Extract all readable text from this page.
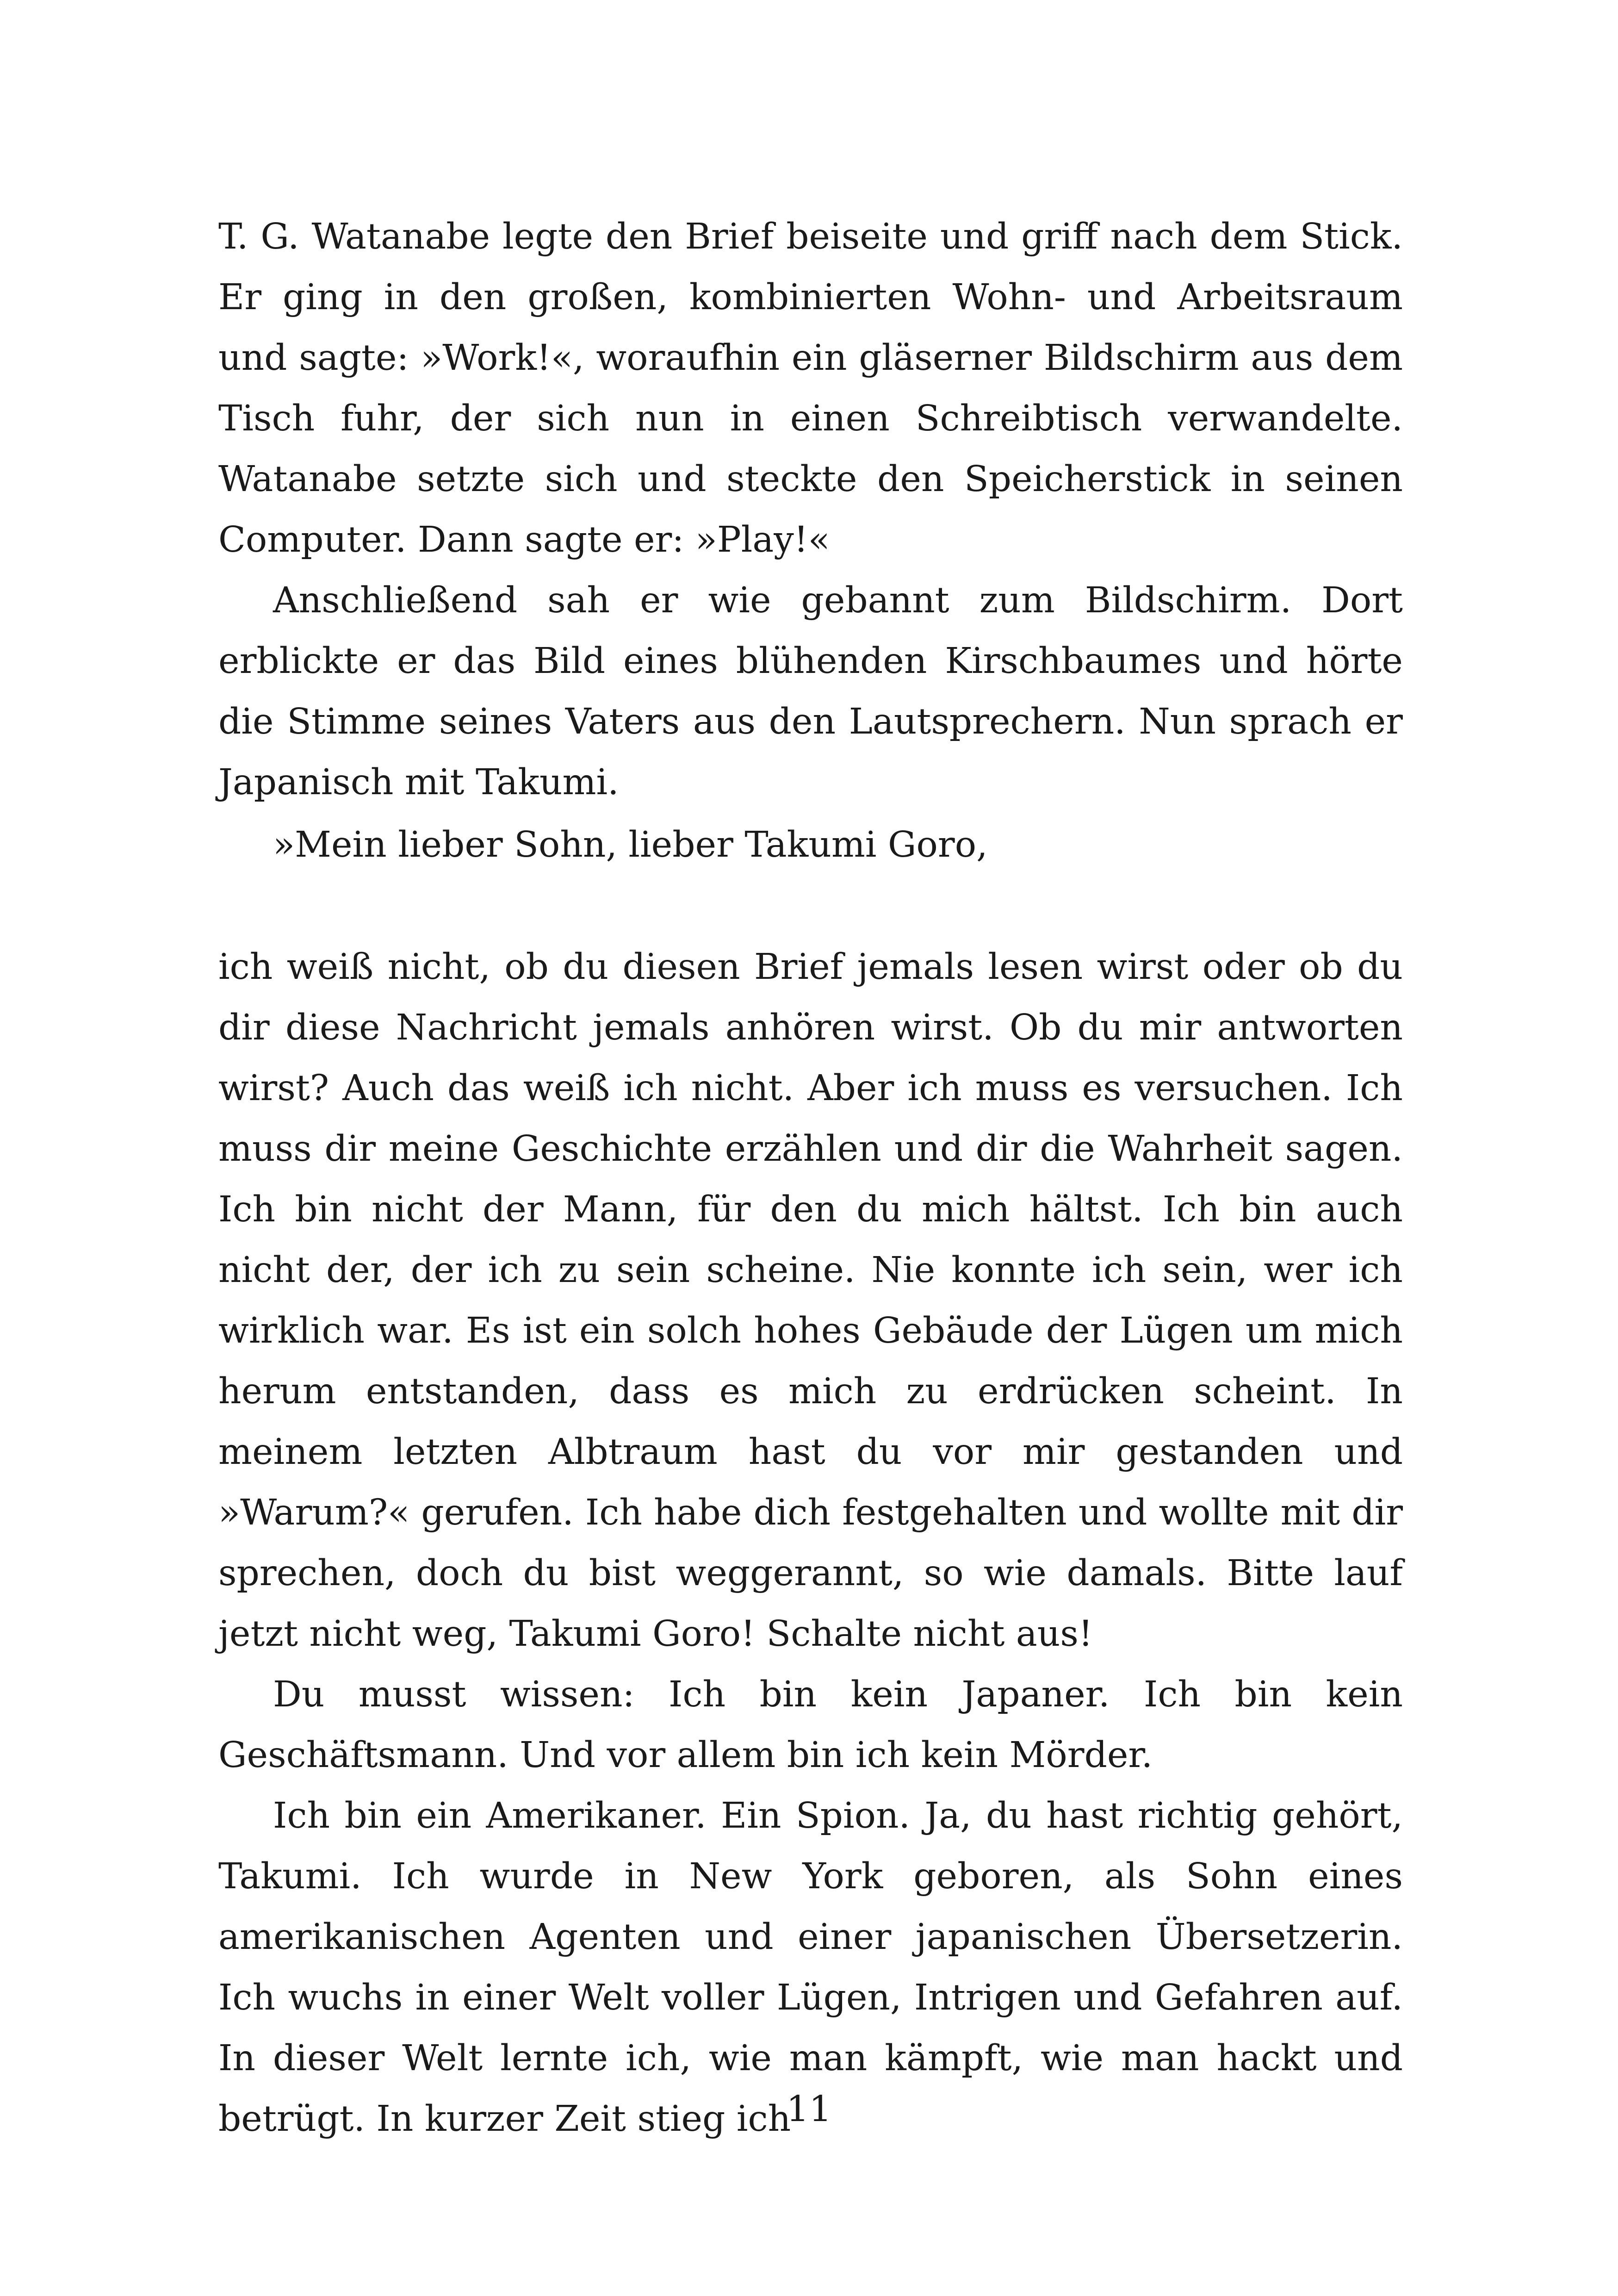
T. G. Watanabe legte den Brief beiseite und griff nach dem Stick. Er ging in den großen, kombinierten Wohn- und Arbeitsraum und sagte: »Work!«, woraufhin ein gläserner Bildschirm aus dem Tisch fuhr, der sich nun in einen Schreibtisch verwandelte. Watanabe setzte sich und steckte den Speicherstick in seinen Computer. Dann sagte er: »Play!«

Anschließend sah er wie gebannt zum Bildschirm. Dort erblickte er das Bild eines blühenden Kirschbaumes und hörte die Stimme seines Vaters aus den Lautsprechern. Nun sprach er Japanisch mit Takumi.

»Mein lieber Sohn, lieber Takumi Goro,

ich weiß nicht, ob du diesen Brief jemals lesen wirst oder ob du dir diese Nachricht jemals anhören wirst. Ob du mir antworten wirst? Auch das weiß ich nicht. Aber ich muss es versuchen. Ich muss dir meine Geschichte erzählen und dir die Wahrheit sagen. Ich bin nicht der Mann, für den du mich hältst. Ich bin auch nicht der, der ich zu sein scheine. Nie konnte ich sein, wer ich wirklich war. Es ist ein solch hohes Gebäude der Lügen um mich herum entstanden, dass es mich zu erdrücken scheint. In meinem letzten Albtraum hast du vor mir gestanden und »Warum?« gerufen. Ich habe dich festgehalten und wollte mit dir sprechen, doch du bist weggerannt, so wie damals. Bitte lauf jetzt nicht weg, Takumi Goro! Schalte nicht aus!

Du musst wissen: Ich bin kein Japaner. Ich bin kein Geschäftsmann. Und vor allem bin ich kein Mörder.

Ich bin ein Amerikaner. Ein Spion. Ja, du hast richtig gehört, Takumi. Ich wurde in New York geboren, als Sohn eines amerikanischen Agenten und einer japanischen Übersetzerin. Ich wuchs in einer Welt voller Lügen, Intrigen und Gefahren auf. In dieser Welt lernte ich, wie man kämpft, wie man hackt und betrügt. In kurzer Zeit stieg ich

11
